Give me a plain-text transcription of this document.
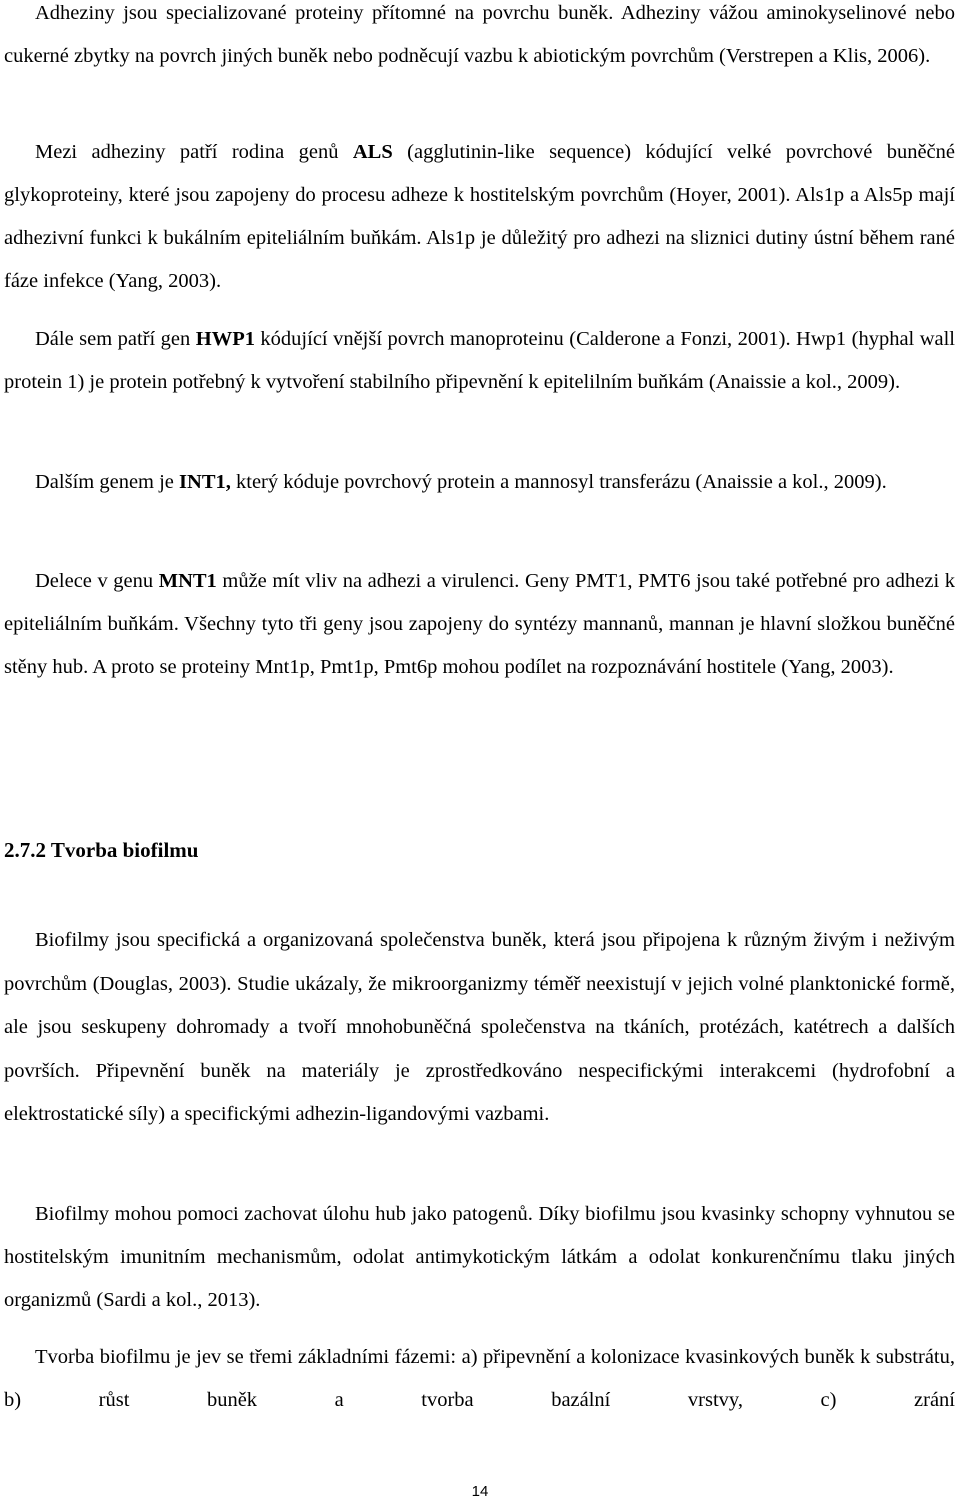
Adheziny jsou specializované proteiny přítomné na povrchu buněk. Adheziny vážou aminokyselinové nebo cukerné zbytky na povrch jiných buněk nebo podněcují vazbu k abiotickým povrchům (Verstrepen a Klis, 2006).

Mezi adheziny patří rodina genů ALS (agglutinin-like sequence) kódující velké povrchové buněčné glykoproteiny, které jsou zapojeny do procesu adheze k hostitelským povrchům (Hoyer, 2001). Als1p a Als5p mají adhezivní funkci k bukálním epiteliálním buňkám. Als1p je důležitý pro adhezi na sliznici dutiny ústní během rané fáze infekce (Yang, 2003).

Dále sem patří gen HWP1 kódující vnější povrch manoproteinu (Calderone a Fonzi, 2001). Hwp1 (hyphal wall protein 1) je protein potřebný k vytvoření stabilního připevnění k epitelilním buňkám (Anaissie a kol., 2009).

Dalším genem je INT1, který kóduje povrchový protein a mannosyl transferázu (Anaissie a kol., 2009).

Delece v genu MNT1 může mít vliv na adhezi a virulenci. Geny PMT1, PMT6 jsou také potřebné pro adhezi k epiteliálním buňkám. Všechny tyto tři geny jsou zapojeny do syntézy mannanů, mannan je hlavní složkou buněčné stěny hub. A proto se proteiny Mnt1p, Pmt1p, Pmt6p mohou podílet na rozpoznávání hostitele (Yang, 2003).

2.7.2 Tvorba biofilmu

Biofilmy jsou specifická a organizovaná společenstva buněk, která jsou připojena k různým živým i neživým povrchům (Douglas, 2003). Studie ukázaly, že mikroorganizmy téměř neexistují v jejich volné planktonické formě, ale jsou seskupeny dohromady a tvoří mnohobuněčná společenstva na tkáních, protézách, katétrech a dalších površích. Připevnění buněk na materiály je zprostředkováno nespecifickými interakcemi (hydrofobní a elektrostatické síly) a specifickými adhezin-ligandovými vazbami.

Biofilmy mohou pomoci zachovat úlohu hub jako patogenů. Díky biofilmu jsou kvasinky schopny vyhnutou se hostitelským imunitním mechanismům, odolat antimykotickým látkám a odolat konkurenčnímu tlaku jiných organizmů (Sardi a kol., 2013).

Tvorba biofilmu je jev se třemi základními fázemi: a) připevnění a kolonizace kvasinkových buněk k substrátu, b) růst buněk a tvorba bazální vrstvy, c) zrání

14
